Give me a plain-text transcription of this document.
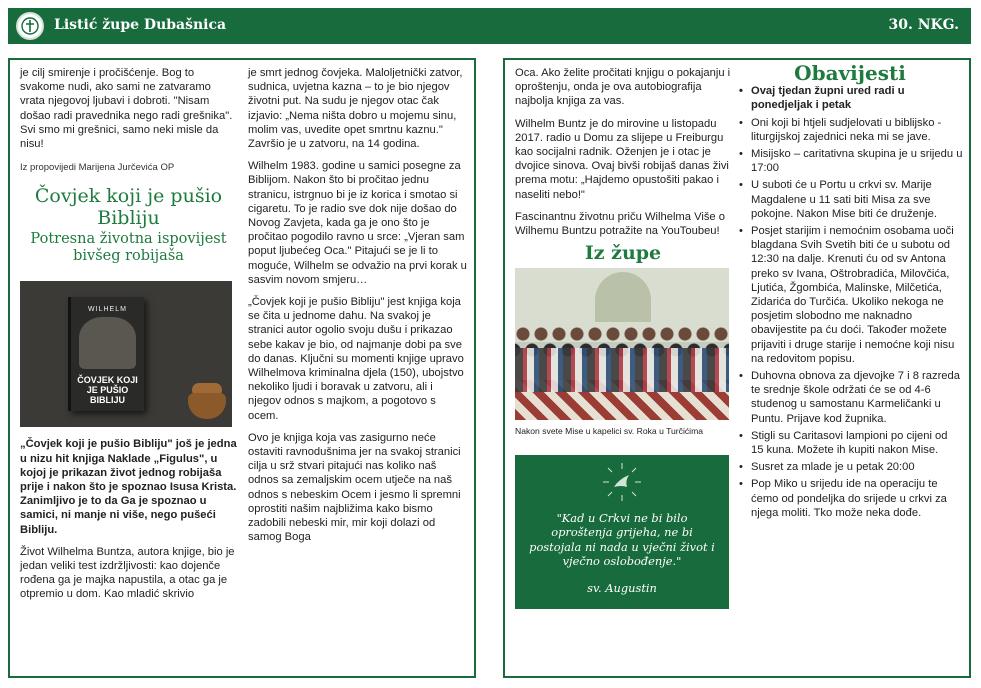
Listić župe Dubašnica	30. NKG.

je cilj smirenje i pročišćenje. Bog to svakome nudi, ako sami ne zatvaramo vrata njegovoj ljubavi i dobroti. "Nisam došao radi pravednika nego radi grešnika". Svi smo mi grešnici, samo neki misle da nisu!

Iz propovijedi Marijena Jurčevića OP
Čovjek koji je pušio Bibliju
Potresna životna ispovijest bivšeg robijaša
WILHELM
ČOVJEK KOJI JE PUŠIO BIBLIJU

„Čovjek koji je pušio Bibliju" još je jedna u nizu hit knjiga Naklade „Figulus", u kojoj je prikazan život jednog robijaša prije i nakon što je spoznao Isusa Krista. Zanimljivo je to da Ga je spoznao u samici, ni manje ni više, nego pušeći Bibliju.

Život Wilhelma Buntza, autora knjige, bio je jedan veliki test izdržljivosti: kao dojenče rođena ga je majka napustila, a otac ga je otpremio u dom. Kao mladić skrivio

je smrt jednog čovjeka. Maloljetnički zatvor, sudnica, uvjetna kazna – to je bio njegov životni put. Na sudu je njegov otac čak izjavio: „Nema ništa dobro u mojemu sinu, molim vas, uvedite opet smrtnu kaznu." Završio je u zatvoru, na 14 godina.

Wilhelm 1983. godine u samici posegne za Biblijom. Nakon što bi pročitao jednu stranicu, istrgnuo bi je iz korica i smotao si cigaretu. To je radio sve dok nije došao do Novog Zavjeta, kada ga je ono što je pročitao pogodilo ravno u srce: „Vjeran sam poput ljubećeg Oca." Pitajući se je li to moguće, Wilhelm se odvažio na prvi korak u sasvim novom smjeru…

„Čovjek koji je pušio Bibliju" jest knjiga koja se čita u jednome dahu. Na svakoj je stranici autor ogolio svoju dušu i prikazao sebe kakav je bio, od najmanje dobi pa sve do danas. Ključni su momenti knjige upravo Wilhelmova kriminalna djela (150), ubojstvo nekoliko ljudi i boravak u zatvoru, ali i njegov odnos s majkom, a pogotovo s ocem.

Ovo je knjiga koja vas zasigurno neće ostaviti ravnodušnima jer na svakoj stranici cilja u srž stvari pitajući nas koliko naš odnos sa zemaljskim ocem utječe na naš odnos s nebeskim Ocem i jesmo li spremni oprostiti našim najbližima kako bismo zadobili nebeski mir, mir koji dolazi od samog Boga

Oca. Ako želite pročitati knjigu o pokajanju i oproštenju, onda je ova autobiografija najbolja knjiga za vas.

Wilhelm Buntz je do mirovine u listopadu 2017. radio u Domu za slijepe u Freiburgu kao socijalni radnik. Oženjen je i otac je dvojice sinova. Ovaj bivši robijaš danas živi prema motu: „Hajdemo opustošiti pakao i naseliti nebo!"

Fascinantnu životnu priču Wilhelma Više o Wilhemu Buntzu potražite na YouToubeu!

Iz župe
Nakon svete Mise u kapelici sv. Roka u Turčićima
"Kad u Crkvi ne bi bilo oproštenja grijeha, ne bi postojala ni nada u vječni život i vječno oslobođenje."
sv. Augustin
Obavijesti
• Ovaj tjedan župni ured radi u ponedjeljak i petak
• Oni koji bi htjeli sudjelovati u biblijsko - liturgijskoj zajednici neka mi se jave.
• Misijsko – caritativna skupina je u srijedu u 17:00
• U suboti će u Portu u crkvi sv. Marije Magdalene u 11 sati biti Misa za sve pokojne. Nakon Mise biti će druženje.
• Posjet starijim i nemoćnim osobama uoči blagdana Svih Svetih biti će u subotu od 12:30 na dalje. Krenuti ću od sv Antona preko sv Ivana, Oštrobradića, Milovčića, Ljutića, Žgombića, Malinske, Milčetića, Zidarića do Turčića. Ukoliko nekoga ne posjetim slobodno me naknadno obavijestite pa ću doći. Također možete prijaviti i druge starije i nemoćne koji nisu na redovitom popisu.
• Duhovna obnova za djevojke 7 i 8 razreda te srednje škole održati će se od 4-6 studenog u samostanu Karmeličanki u Puntu. Prijave kod župnika.
• Stigli su Caritasovi lampioni po cijeni od 15 kuna. Možete ih kupiti nakon Mise.
• Susret za mlade je u petak 20:00
• Pop Miko u srijedu ide na operaciju te ćemo od pondeljka do srijede u crkvi za njega moliti. Tko može neka dođe.
